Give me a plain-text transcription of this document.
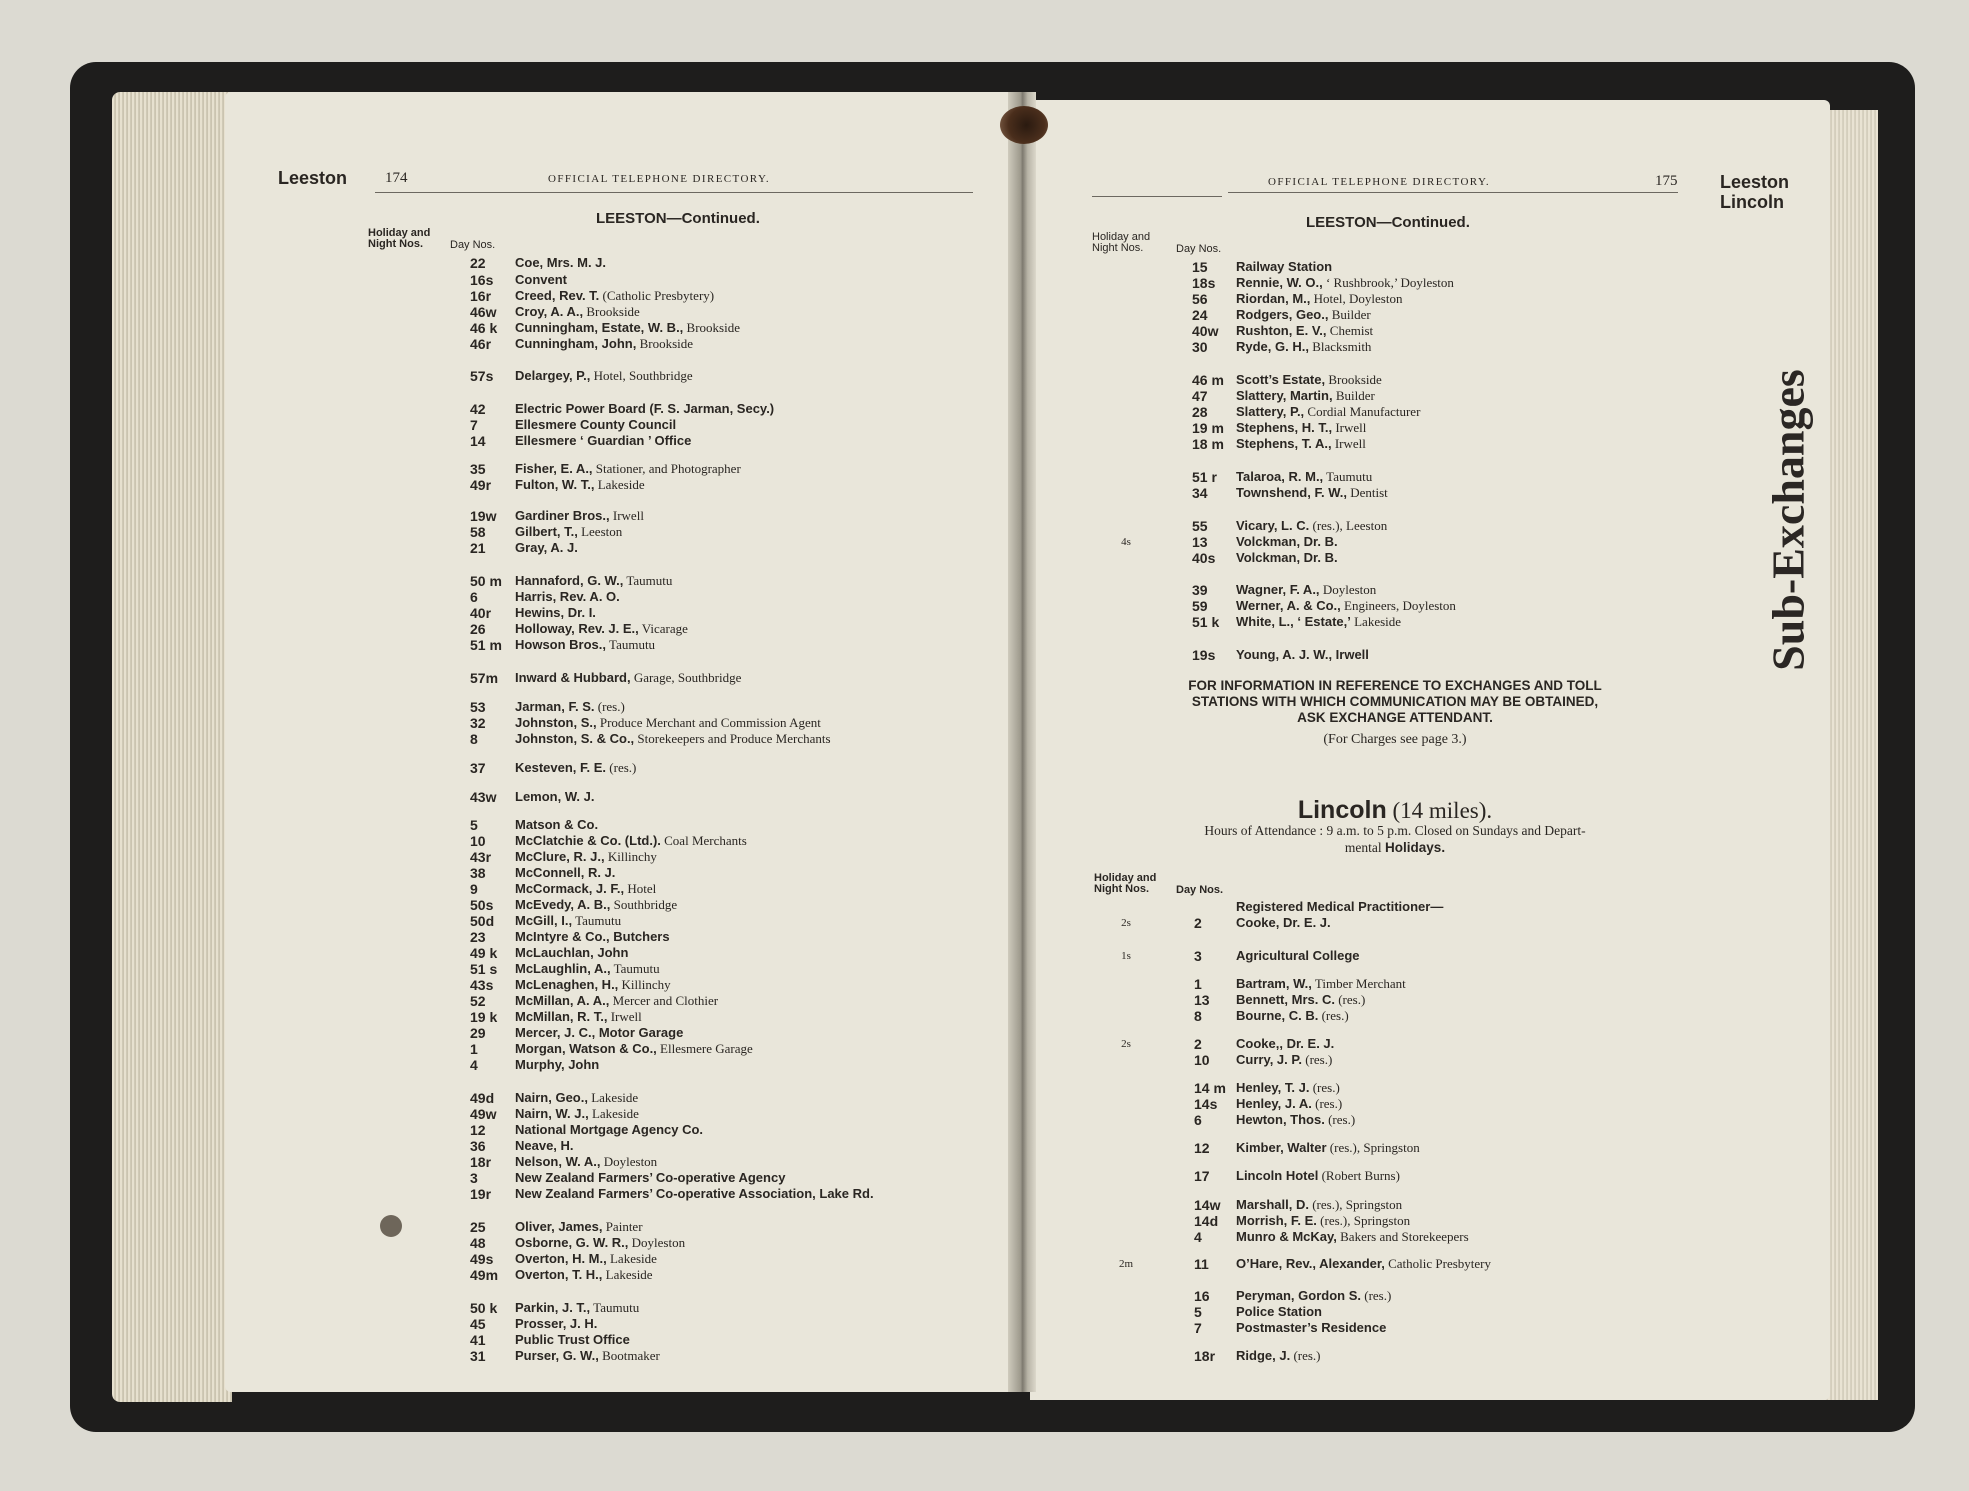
Leeston	174	OFFICIAL TELEPHONE DIRECTORY.
LEESTON—Continued.
Holiday and
Night Nos.	Day Nos.
22 Coe, Mrs. M. J.
16s Convent
16r Creed, Rev. T. (Catholic Presbytery)
46w Croy, A. A., Brookside
46 k Cunningham, Estate, W. B., Brookside
46r Cunningham, John, Brookside
57s Delargey, P., Hotel, Southbridge
42 Electric Power Board (F. S. Jarman, Secy.)
7	Ellesmere County Council
14 Ellesmere ‘ Guardian ’ Office
35 Fisher, E. A., Stationer, and Photographer
49r Fulton, W. T., Lakeside
19w Gardiner Bros., Irwell
58 Gilbert, T., Leeston
21 Gray, A. J.
50 m Hannaford, G. W., Taumutu
6	Harris, Rev. A. O.
40r Hewins, Dr. I.
26 Holloway, Rev. J. E., Vicarage
51 m Howson Bros., Taumutu
57m Inward & Hubbard, Garage, Southbridge
53 Jarman, F. S. (res.)
32 Johnston, S., Produce Merchant and Commission Agent
8	Johnston, S. & Co., Storekeepers and Produce Merchants
37 Kesteven, F. E. (res.)
43w Lemon, W. J.
5	Matson & Co.
10 McClatchie & Co. (Ltd.). Coal Merchants
43r McClure, R. J., Killinchy
38 McConnell, R. J.
9	McCormack, J. F., Hotel
50s McEvedy, A. B., Southbridge
50d McGill, I., Taumutu
23 McIntyre & Co., Butchers
49 k McLauchlan, John
51 s McLaughlin, A., Taumutu
43s McLenaghen, H., Killinchy
52 McMillan, A. A., Mercer and Clothier
19 k McMillan, R. T., Irwell
29 Mercer, J. C., Motor Garage
1	Morgan, Watson & Co., Ellesmere Garage
4	Murphy, John
49d Nairn, Geo., Lakeside
49w Nairn, W. J., Lakeside
12 National Mortgage Agency Co.
36 Neave, H.
18r Nelson, W. A., Doyleston
3	New Zealand Farmers’ Co-operative Agency
19r New Zealand Farmers’ Co-operative Association, Lake Rd.
25 Oliver, James, Painter
48 Osborne, G. W. R., Doyleston
49s Overton, H. M., Lakeside
49m Overton, T. H., Lakeside
50 k Parkin, J. T., Taumutu
45 Prosser, J. H.
41 Public Trust Office
31 Purser, G. W., Bootmaker
OFFICIAL TELEPHONE DIRECTORY.	175 Leeston
Lincoln
Sub-Exchanges
LEESTON—Continued.
Holiday and
Night Nos.	Day Nos.
15 Railway Station
18s Rennie, W. O., ‘ Rushbrook,’ Doyleston
56 Riordan, M., Hotel, Doyleston
24 Rodgers, Geo., Builder
40w Rushton, E. V., Chemist
30 Ryde, G. H., Blacksmith
46 m Scott’s Estate, Brookside
47 Slattery, Martin, Builder
28 Slattery, P., Cordial Manufacturer
19 m Stephens, H. T., Irwell
18 m Stephens, T. A., Irwell
51 r Talaroa, R. M., Taumutu
34 Townshend, F. W., Dentist
55 Vicary, L. C. (res.), Leeston
4s	13 Volckman, Dr. B.
40s Volckman, Dr. B.
39 Wagner, F. A., Doyleston
59 Werner, A. & Co., Engineers, Doyleston
51 k White, L., ‘ Estate,’ Lakeside
19s Young, A. J. W., Irwell
FOR INFORMATION IN REFERENCE TO EXCHANGES AND TOLL
STATIONS WITH WHICH COMMUNICATION MAY BE OBTAINED,
ASK EXCHANGE ATTENDANT.
(For Charges see page 3.)
Lincoln (14 miles).
Hours of Attendance : 9 a.m. to 5 p.m. Closed on Sundays and Depart-
mental Holidays.
Holiday and
Night Nos.	Day Nos.
Registered Medical Practitioner—
2s	2	Cooke, Dr. E. J.
1s	3	Agricultural College
1	Bartram, W., Timber Merchant
13 Bennett, Mrs. C. (res.)
8	Bourne, C. B. (res.)
2s	2	Cooke,, Dr. E. J.
10 Curry, J. P. (res.)
14 m Henley, T. J. (res.)
14s Henley, J. A. (res.)
6	Hewton, Thos. (res.)
12 Kimber, Walter (res.), Springston
17 Lincoln Hotel (Robert Burns)
14w Marshall, D. (res.), Springston
14d Morrish, F. E. (res.), Springston
4	Munro & McKay, Bakers and Storekeepers
2m	11 O’Hare, Rev., Alexander, Catholic Presbytery
16 Peryman, Gordon S. (res.)
5	Police Station
7	Postmaster’s Residence
18r Ridge, J. (res.)
